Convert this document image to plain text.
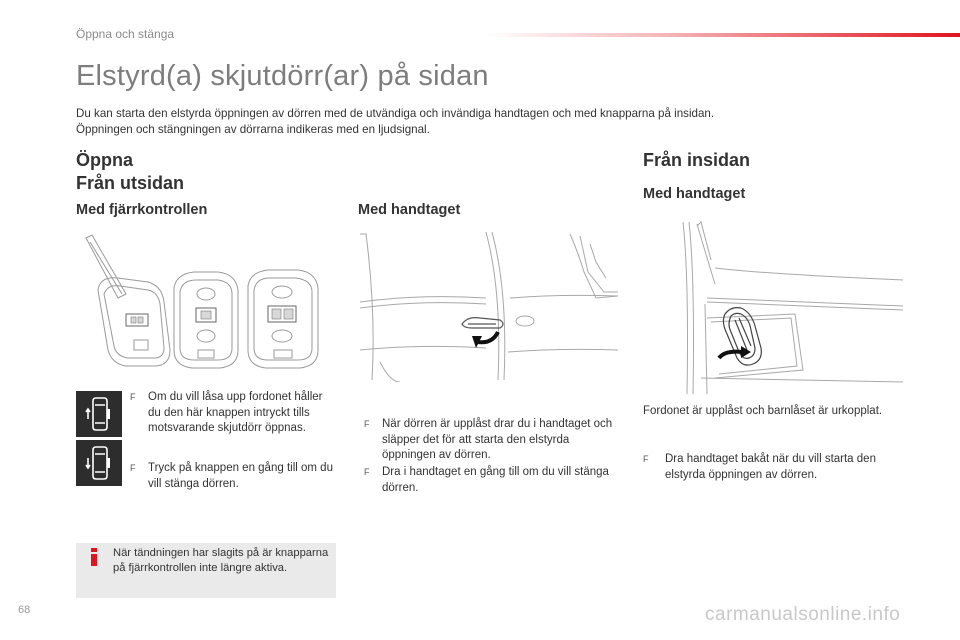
Öppna och stänga
Elstyrd(a) skjutdörr(ar) på sidan
Du kan starta den elstyrda öppningen av dörren med de utvändiga och invändiga handtagen och med knapparna på insidan.
Öppningen och stängningen av dörrarna indikeras med en ljudsignal.
Öppna
Från utsidan
Med fjärrkontrollen	Med handtaget
F	Om du vill låsa upp fordonet håller du den här knappen intryckt tills motsvarande skjutdörr öppnas.
F	Tryck på knappen en gång till om du vill stänga dörren.
F	När dörren är upplåst drar du i handtaget och släpper det för att starta den elstyrda öppningen av dörren.
F	Dra i handtaget en gång till om du vill stänga dörren.
När tändningen har slagits på är knapparna på fjärrkontrollen inte längre aktiva.
Från insidan
Med handtaget
Fordonet är upplåst och barnlåset är urkopplat.
F	Dra handtaget bakåt när du vill starta den elstyrda öppningen av dörren.
68	carmanualsonline.info
